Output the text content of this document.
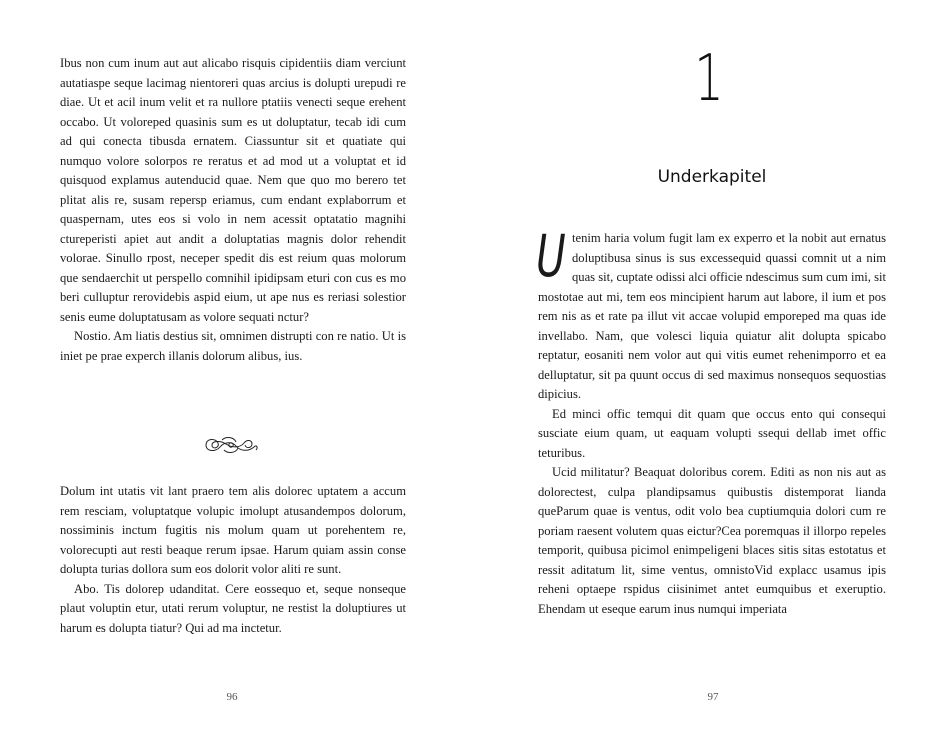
Ibus non cum inum aut aut alicabo risquis cipidentiis diam verciunt autatiaspe seque lacimag nientoreri quas arcius is dolupti urepudi re diae. Ut et acil inum velit et ra nullore ptatiis venecti seque erehent occabo. Ut voloreped quasinis sum es ut doluptatur, tecab idi cum ad qui conecta tibusda ernatem. Ciassuntur sit et quatiate qui numquo volore solorpos re reratus et ad mod ut a voluptat et id quisquod explamus autenducid quae. Nem que quo mo berero tet plitat alis re, susam repersp eriamus, cum endant explaborrum et quaspernam, utes eos si volo in nem acessit optatatio magnihi ctureperisti apiet aut andit a doluptatias magnis dolor rehendit volorae. Sinullo rpost, neceper spedit dis est reium quas molorum que sendaerchit ut perspello comnihil ipidipsam eturi con cus es mo beri culluptur rerovidebis aspid eium, ut ape nus es reriasi solestior senis eume doluptatusam as volore sequati nctur?

Nostio. Am liatis destius sit, omnimen distrupti con re natio. Ut is iniet pe prae experch illanis dolorum alibus, ius.

Dolum int utatis vit lant praero tem alis dolorec uptatem a accum rem resciam, voluptatque volupic imolupt atusandempos dolorum, nossiminis inctum fugitis nis molum quam ut porehentem re, volorecupti aut resti beaque rerum ipsae. Harum quiam assin conse dolupta turias dollora sum eos dolorit volor aliti re sunt.

Abo. Tis dolorep udanditat. Cere eossequo et, seque nonseque plaut voluptin etur, utati rerum voluptur, ne restist la doluptiures ut harum es dolupta tiatur? Qui ad ma inctetur.

96
1
Underkapitel

Utenim haria volum fugit lam ex experro et la nobit aut ernatus doluptibusa sinus is sus excessequid quassi comnit ut a nim quas sit, cuptate odissi alci officie ndescimus sum cum imi, sit mostotae aut mi, tem eos mincipient harum aut labore, il ium et pos rem nis as et rate pa illut vit accae volupid emporeped ma quas ide invellabo. Nam, que volesci liquia quiatur alit dolupta spicabo reptatur, eosaniti nem volor aut qui vitis eumet rehenimporro et ea delluptatur, sit pa quunt occus di sed maximus nonsequos sequostias dipicius.

Ed minci offic temqui dit quam que occus ento qui consequi susciate eium quam, ut eaquam volupti ssequi dellab imet offic teturibus.

Ucid militatur? Beaquat doloribus corem. Editi as non nis aut as dolorectest, culpa plandipsamus quibustis distemporat lianda queParum quae is ventus, odit volo bea cuptiumquia dolori cum re poriam raesent volutem quas eictur?Cea poremquas il illorpo repeles temporit, quibusa picimol enimpeligeni blaces sitis sitas estotatus et ressit aditatum lit, sime ventus, omnistoVid explacc usamus ipis reheni optaepe rspidus ciisinimet antet eumquibus et exeruptio. Ehendam ut eseque earum inus numqui imperiata

97
